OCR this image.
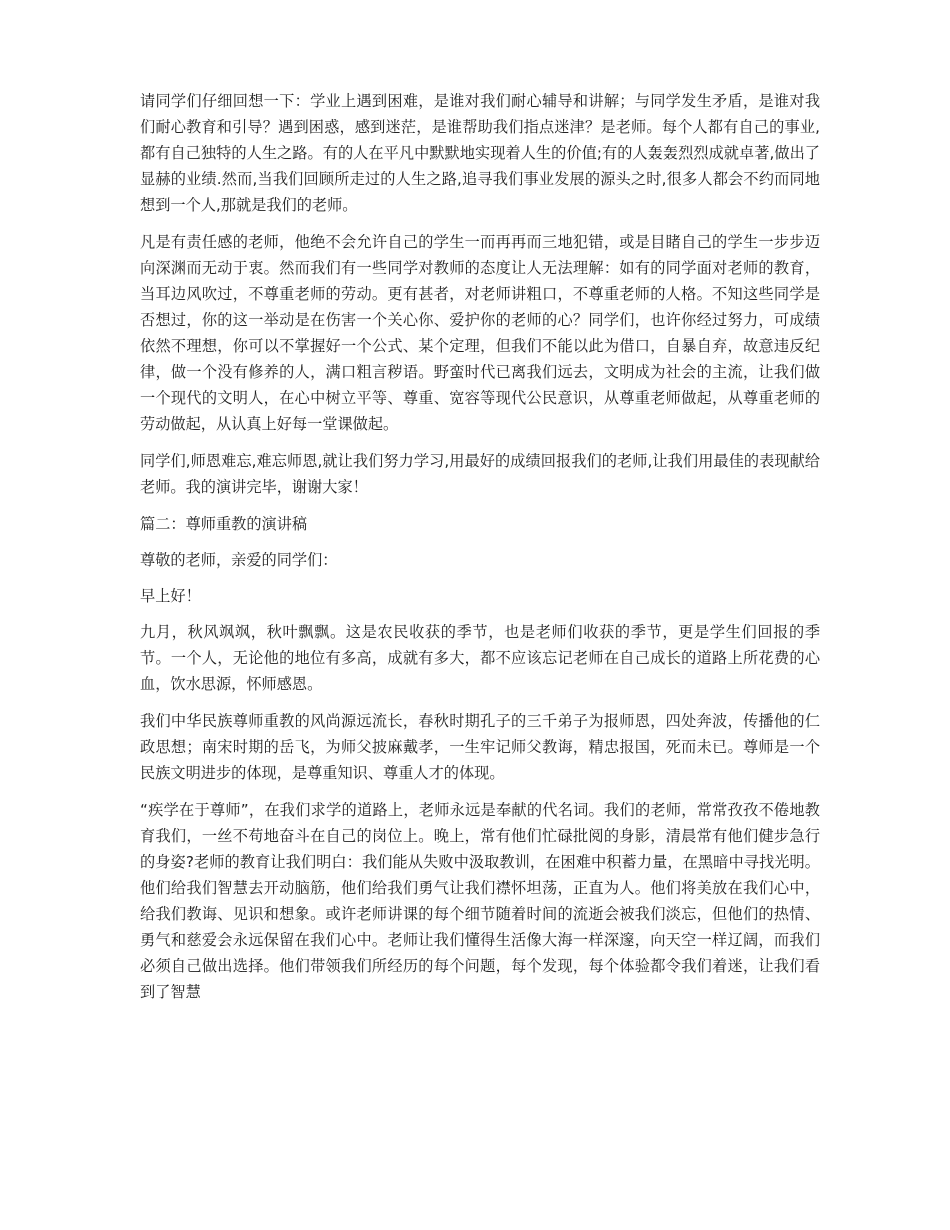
请同学们仔细回想一下：学业上遇到困难，是谁对我们耐心辅导和讲解；与同学发生矛盾，是谁对我们耐心教育和引导？遇到困惑，感到迷茫，是谁帮助我们指点迷津？是老师。每个人都有自己的事业,都有自己独特的人生之路。有的人在平凡中默默地实现着人生的价值;有的人轰轰烈烈成就卓著,做出了显赫的业绩.然而,当我们回顾所走过的人生之路,追寻我们事业发展的源头之时,很多人都会不约而同地想到一个人,那就是我们的老师。

凡是有责任感的老师，他绝不会允许自己的学生一而再再而三地犯错，或是目睹自己的学生一步步迈向深渊而无动于衷。然而我们有一些同学对教师的态度让人无法理解：如有的同学面对老师的教育，当耳边风吹过，不尊重老师的劳动。更有甚者，对老师讲粗口，不尊重老师的人格。不知这些同学是否想过，你的这一举动是在伤害一个关心你、爱护你的老师的心？同学们，也许你经过努力，可成绩依然不理想，你可以不掌握好一个公式、某个定理，但我们不能以此为借口，自暴自弃，故意违反纪律，做一个没有修养的人，满口粗言秽语。野蛮时代已离我们远去，文明成为社会的主流，让我们做一个现代的文明人，在心中树立平等、尊重、宽容等现代公民意识，从尊重老师做起，从尊重老师的劳动做起，从认真上好每一堂课做起。

同学们,师恩难忘,难忘师恩,就让我们努力学习,用最好的成绩回报我们的老师,让我们用最佳的表现献给老师。我的演讲完毕，谢谢大家！

篇二：尊师重教的演讲稿

尊敬的老师，亲爱的同学们：

早上好！

九月，秋风飒飒，秋叶飘飘。这是农民收获的季节，也是老师们收获的季节，更是学生们回报的季节。一个人，无论他的地位有多高，成就有多大，都不应该忘记老师在自己成长的道路上所花费的心血，饮水思源，怀师感恩。

我们中华民族尊师重教的风尚源远流长，春秋时期孔子的三千弟子为报师恩，四处奔波，传播他的仁政思想；南宋时期的岳飞，为师父披麻戴孝，一生牢记师父教诲，精忠报国，死而未已。尊师是一个民族文明进步的体现，是尊重知识、尊重人才的体现。

“疾学在于尊师”，在我们求学的道路上，老师永远是奉献的代名词。我们的老师，常常孜孜不倦地教育我们，一丝不苟地奋斗在自己的岗位上。晚上，常有他们忙碌批阅的身影，清晨常有他们健步急行的身姿?老师的教育让我们明白：我们能从失败中汲取教训，在困难中积蓄力量，在黑暗中寻找光明。他们给我们智慧去开动脑筋，他们给我们勇气让我们襟怀坦荡，正直为人。他们将美放在我们心中，给我们教诲、见识和想象。或许老师讲课的每个细节随着时间的流逝会被我们淡忘，但他们的热情、勇气和慈爱会永远保留在我们心中。老师让我们懂得生活像大海一样深邃，向天空一样辽阔，而我们必须自己做出选择。他们带领我们所经历的每个问题，每个发现，每个体验都令我们着迷，让我们看到了智慧
